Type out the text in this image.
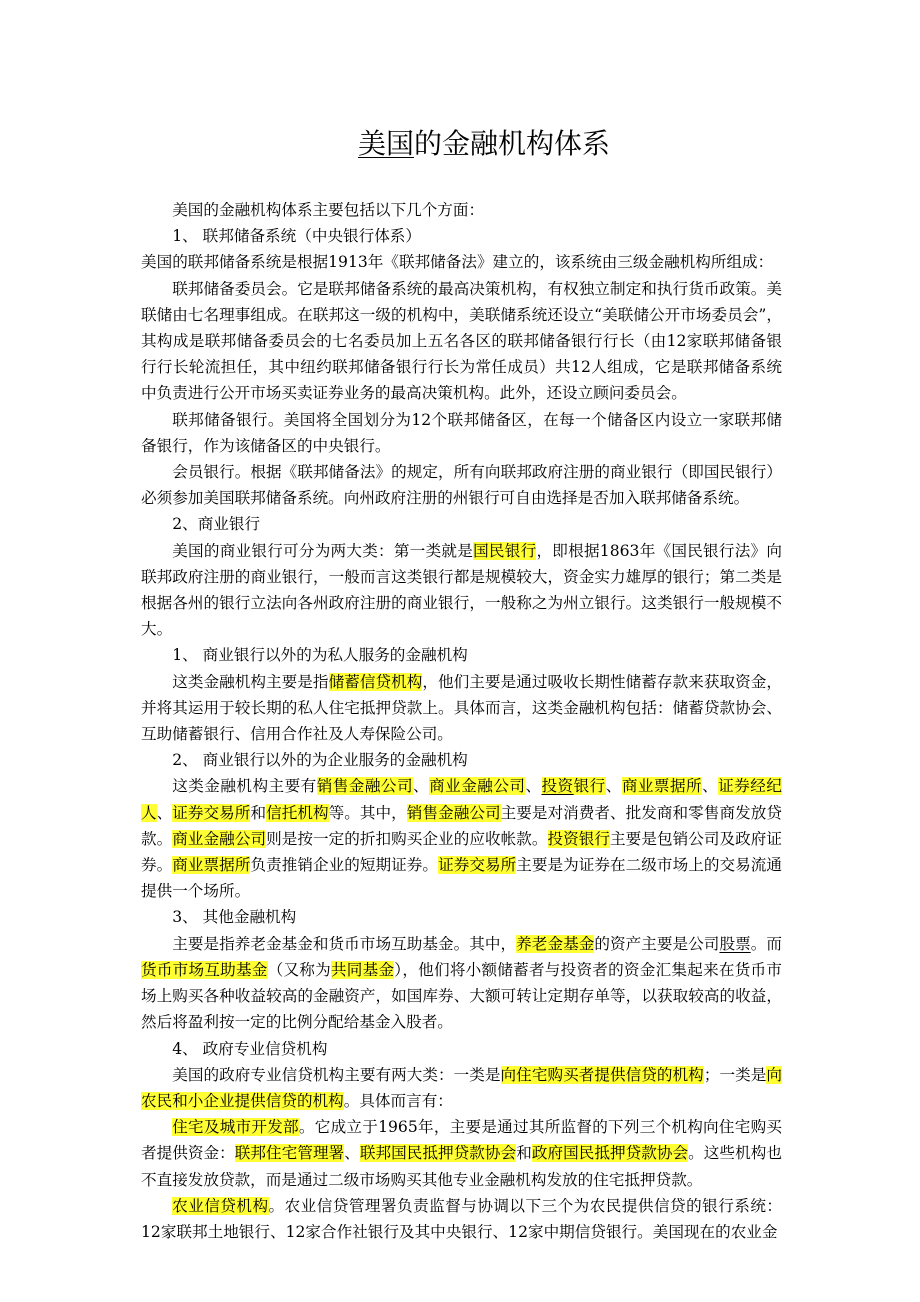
美国的金融机构体系

美国的金融机构体系主要包括以下几个方面：

1、 联邦储备系统（中央银行体系）

美国的联邦储备系统是根据1913年《联邦储备法》建立的，该系统由三级金融机构所组成：

联邦储备委员会。它是联邦储备系统的最高决策机构，有权独立制定和执行货币政策。美联储由七名理事组成。在联邦这一级的机构中，美联储系统还设立“美联储公开市场委员会”，其构成是联邦储备委员会的七名委员加上五名各区的联邦储备银行行长（由12家联邦储备银行行长轮流担任，其中纽约联邦储备银行行长为常任成员）共12人组成，它是联邦储备系统中负责进行公开市场买卖证券业务的最高决策机构。此外，还设立顾问委员会。

联邦储备银行。美国将全国划分为12个联邦储备区，在每一个储备区内设立一家联邦储备银行，作为该储备区的中央银行。

会员银行。根据《联邦储备法》的规定，所有向联邦政府注册的商业银行（即国民银行）必须参加美国联邦储备系统。向州政府注册的州银行可自由选择是否加入联邦储备系统。

2、商业银行

美国的商业银行可分为两大类：第一类就是国民银行，即根据1863年《国民银行法》向联邦政府注册的商业银行，一般而言这类银行都是规模较大，资金实力雄厚的银行；第二类是根据各州的银行立法向各州政府注册的商业银行，一般称之为州立银行。这类银行一般规模不大。

1、 商业银行以外的为私人服务的金融机构

这类金融机构主要是指储蓄信贷机构，他们主要是通过吸收长期性储蓄存款来获取资金，并将其运用于较长期的私人住宅抵押贷款上。具体而言，这类金融机构包括：储蓄贷款协会、互助储蓄银行、信用合作社及人寿保险公司。

2、 商业银行以外的为企业服务的金融机构

这类金融机构主要有销售金融公司、商业金融公司、投资银行、商业票据所、证券经纪人、证券交易所和信托机构等。其中，销售金融公司主要是对消费者、批发商和零售商发放贷款。商业金融公司则是按一定的折扣购买企业的应收帐款。投资银行主要是包销公司及政府证券。商业票据所负责推销企业的短期证券。证券交易所主要是为证券在二级市场上的交易流通提供一个场所。

3、 其他金融机构

主要是指养老金基金和货币市场互助基金。其中，养老金基金的资产主要是公司股票。而货币市场互助基金（又称为共同基金），他们将小额储蓄者与投资者的资金汇集起来在货币市场上购买各种收益较高的金融资产，如国库券、大额可转让定期存单等，以获取较高的收益，然后将盈利按一定的比例分配给基金入股者。

4、 政府专业信贷机构

美国的政府专业信贷机构主要有两大类：一类是向住宅购买者提供信贷的机构；一类是向农民和小企业提供信贷的机构。具体而言有：

住宅及城市开发部。它成立于1965年，主要是通过其所监督的下列三个机构向住宅购买者提供资金：联邦住宅管理署、联邦国民抵押贷款协会和政府国民抵押贷款协会。这些机构也不直接发放贷款，而是通过二级市场购买其他专业金融机构发放的住宅抵押贷款。

农业信贷机构。农业信贷管理署负责监督与协调以下三个为农民提供信贷的银行系统：12家联邦土地银行、12家合作社银行及其中央银行、12家中期信贷银行。美国现在的农业金
